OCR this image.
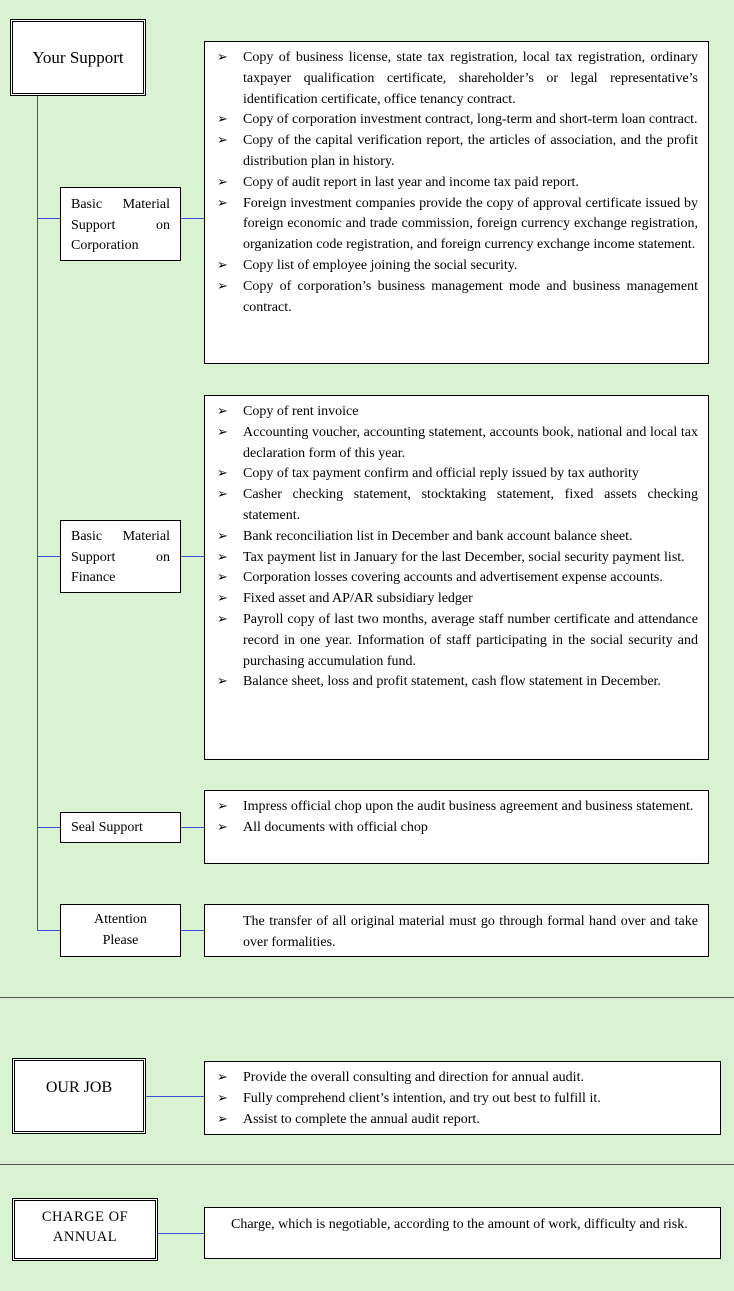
Your Support
Basic Material Support on Corporation
➢ Copy of business license, state tax registration, local tax registration, ordinary taxpayer qualification certificate, shareholder’s or legal representative’s identification certificate, office tenancy contract.
➢ Copy of corporation investment contract, long-term and short-term loan contract.
➢ Copy of the capital verification report, the articles of association, and the profit distribution plan in history.
➢ Copy of audit report in last year and income tax paid report.
➢ Foreign investment companies provide the copy of approval certificate issued by foreign economic and trade commission, foreign currency exchange registration, organization code registration, and foreign currency exchange income statement.
➢ Copy list of employee joining the social security.
➢ Copy of corporation’s business management mode and business management contract.
Basic Material Support on Finance
➢ Copy of rent invoice
➢ Accounting voucher, accounting statement, accounts book, national and local tax declaration form of this year.
➢ Copy of tax payment confirm and official reply issued by tax authority
➢ Casher checking statement, stocktaking statement, fixed assets checking statement.
➢ Bank reconciliation list in December and bank account balance sheet.
➢ Tax payment list in January for the last December, social security payment list.
➢ Corporation losses covering accounts and advertisement expense accounts.
➢ Fixed asset and AP/AR subsidiary ledger
➢ Payroll copy of last two months, average staff number certificate and attendance record in one year. Information of staff participating in the social security and purchasing accumulation fund.
➢ Balance sheet, loss and profit statement, cash flow statement in December.
Seal Support
➢ Impress official chop upon the audit business agreement and business statement.
➢ All documents with official chop
Attention Please

The transfer of all original material must go through formal hand over and take over formalities.

OUR JOB
➢ Provide the overall consulting and direction for annual audit.
➢ Fully comprehend client’s intention, and try out best to fulfill it.
➢ Assist to complete the annual audit report.
CHARGE OF ANNUAL

Charge, which is negotiable, according to the amount of work, difficulty and risk.
